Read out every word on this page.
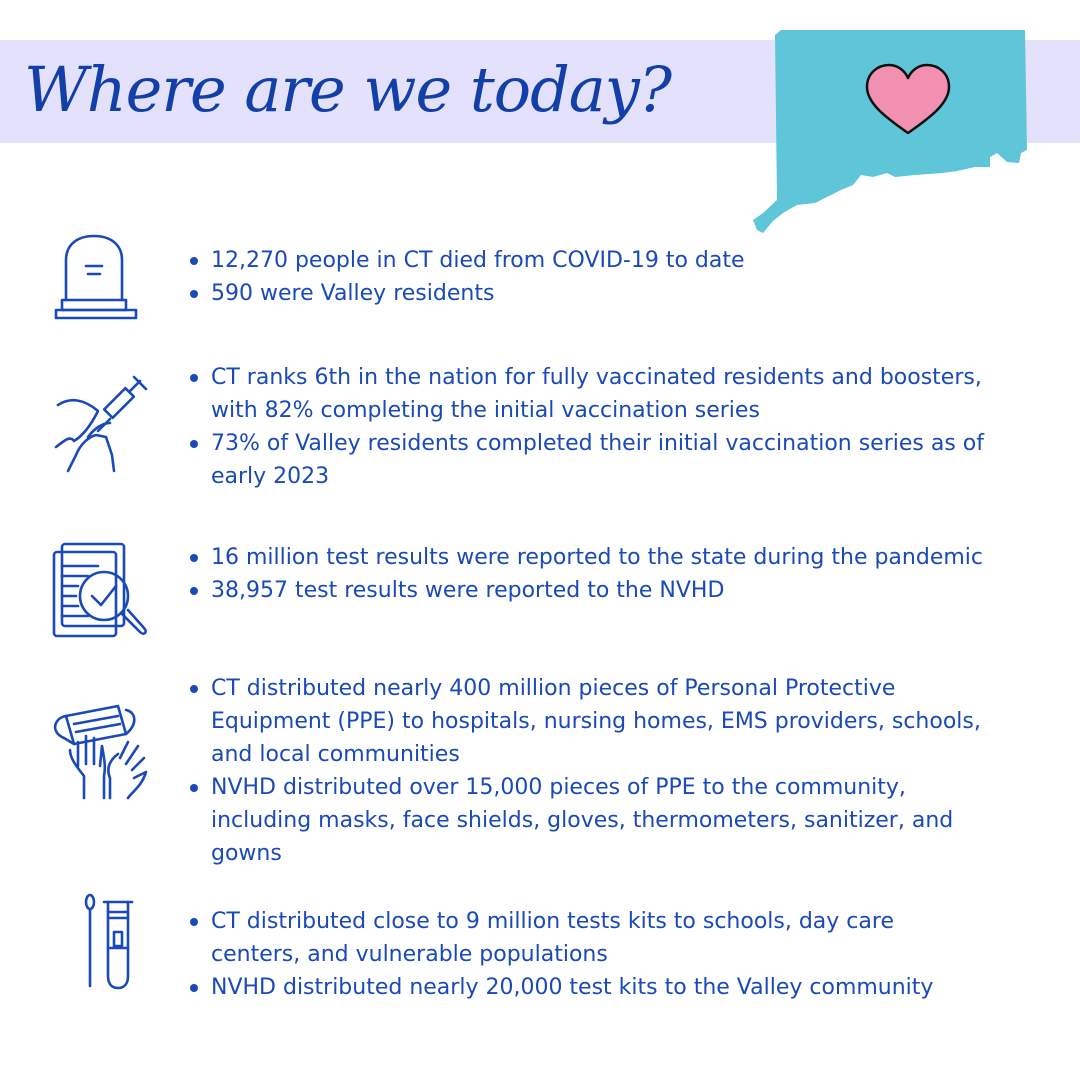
Where are we today?
12,270 people in CT died from COVID-19 to date
590 were Valley residents
CT ranks 6th in the nation for fully vaccinated residents and boosters, with 82% completing the initial vaccination series
73% of Valley residents completed their initial vaccination series as of early 2023
16 million test results were reported to the state during the pandemic
38,957 test results were reported to the NVHD
CT distributed nearly 400 million pieces of Personal Protective Equipment (PPE) to hospitals, nursing homes, EMS providers, schools, and local communities
NVHD distributed over 15,000 pieces of PPE to the community, including masks, face shields, gloves, thermometers, sanitizer, and gowns
CT distributed close to 9 million tests kits to schools, day care centers, and vulnerable populations
NVHD distributed nearly 20,000 test kits to the Valley community
